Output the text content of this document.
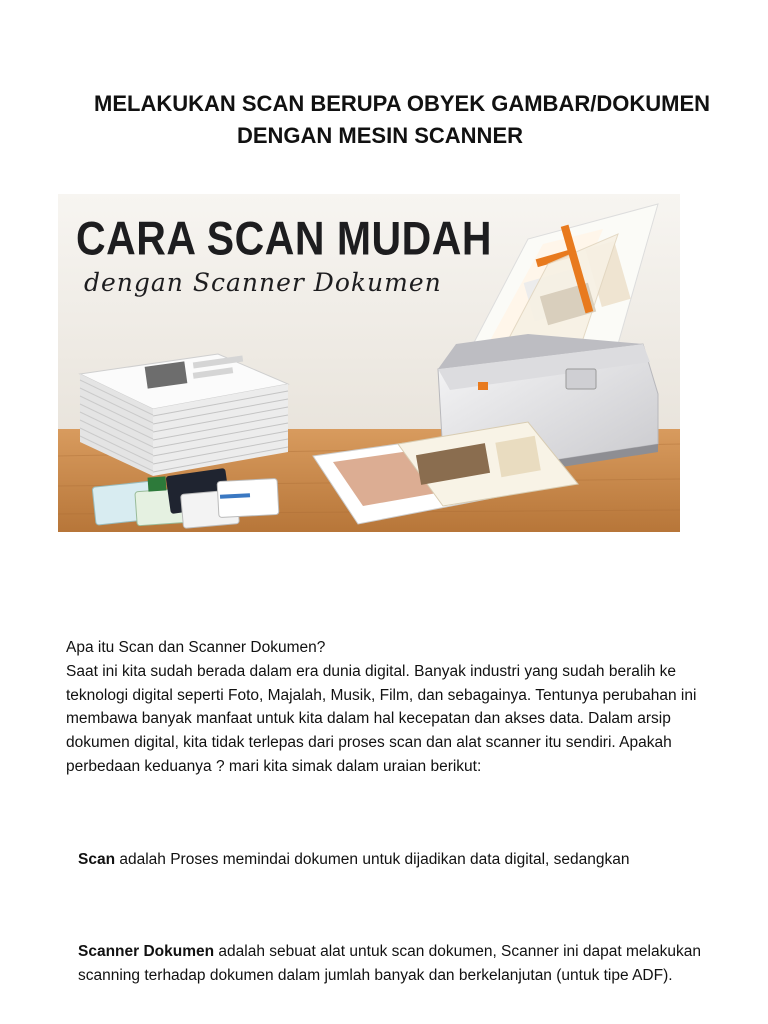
MELAKUKAN SCAN BERUPA OBYEK GAMBAR/DOKUMEN
DENGAN MESIN SCANNER
CARA SCAN MUDAH
dengan Scanner Dokumen

Apa itu Scan dan Scanner Dokumen?

Saat ini kita sudah berada dalam era dunia digital. Banyak industri yang sudah beralih ke teknologi digital seperti Foto, Majalah, Musik, Film, dan sebagainya. Tentunya perubahan ini membawa banyak manfaat untuk kita dalam hal kecepatan dan akses data. Dalam arsip dokumen digital, kita tidak terlepas dari proses scan dan alat scanner itu sendiri. Apakah perbedaan keduanya ? mari kita simak dalam uraian berikut:

Scan adalah Proses memindai dokumen untuk dijadikan data digital, sedangkan
Scanner Dokumen adalah sebuat alat untuk scan dokumen, Scanner ini dapat melakukan scanning terhadap dokumen dalam jumlah banyak dan berkelanjutan (untuk tipe ADF).
